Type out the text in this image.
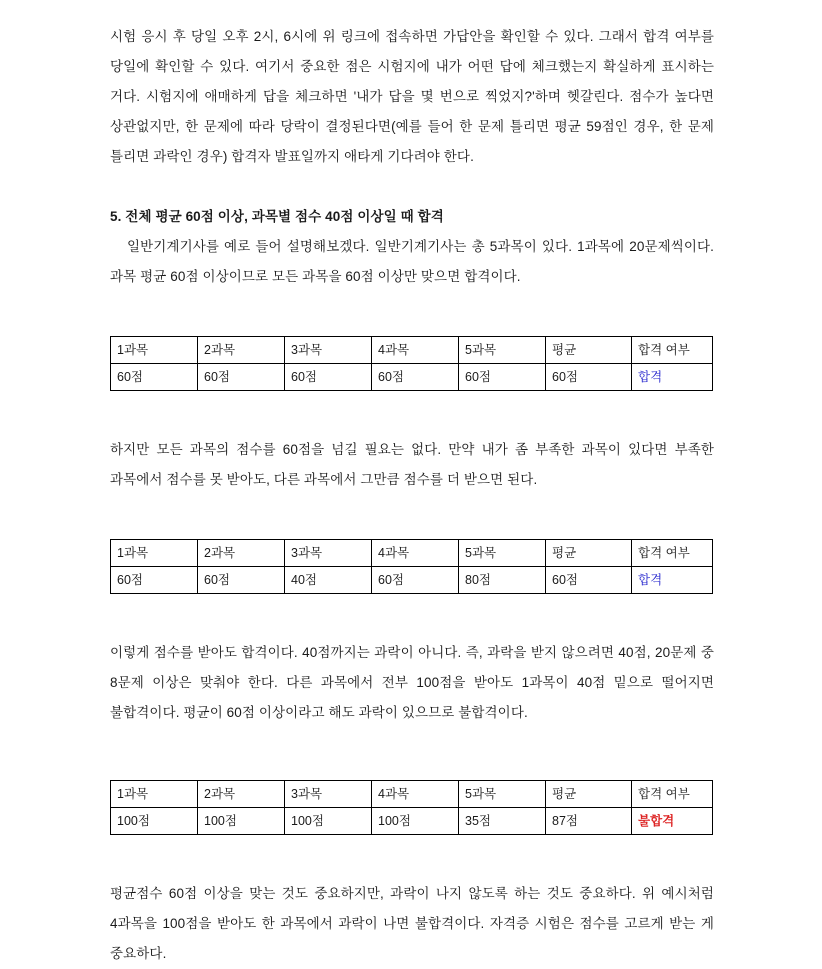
시험 응시 후 당일 오후 2시, 6시에 위 링크에 접속하면 가답안을 확인할 수 있다. 그래서 합격 여부를 당일에 확인할 수 있다. 여기서 중요한 점은 시험지에 내가 어떤 답에 체크했는지 확실하게 표시하는 거다. 시험지에 애매하게 답을 체크하면 '내가 답을 몇 번으로 찍었지?'하며 헷갈린다. 점수가 높다면 상관없지만, 한 문제에 따라 당락이 결정된다면(예를 들어 한 문제 틀리면 평균 59점인 경우, 한 문제 틀리면 과락인 경우) 합격자 발표일까지 애타게 기다려야 한다.

5. 전체 평균 60점 이상, 과목별 점수 40점 이상일 때 합격

일반기계기사를 예로 들어 설명해보겠다. 일반기계기사는 총 5과목이 있다. 1과목에 20문제씩이다. 과목 평균 60점 이상이므로 모든 과목을 60점 이상만 맞으면 합격이다.

1과목	2과목	3과목	4과목	5과목	평균	합격 여부
60점	60점	60점	60점	60점	60점	합격

하지만 모든 과목의 점수를 60점을 넘길 필요는 없다. 만약 내가 좀 부족한 과목이 있다면 부족한 과목에서 점수를 못 받아도, 다른 과목에서 그만큼 점수를 더 받으면 된다.

1과목	2과목	3과목	4과목	5과목	평균	합격 여부
60점	60점	40점	60점	80점	60점	합격

이렇게 점수를 받아도 합격이다. 40점까지는 과락이 아니다. 즉, 과락을 받지 않으려면 40점, 20문제 중 8문제 이상은 맞춰야 한다. 다른 과목에서 전부 100점을 받아도 1과목이 40점 밑으로 떨어지면 불합격이다. 평균이 60점 이상이라고 해도 과락이 있으므로 불합격이다.

1과목	2과목	3과목	4과목	5과목	평균	합격 여부
100점	100점	100점	100점	35점	87점	불합격

평균점수 60점 이상을 맞는 것도 중요하지만, 과락이 나지 않도록 하는 것도 중요하다. 위 예시처럼 4과목을 100점을 받아도 한 과목에서 과락이 나면 불합격이다. 자격증 시험은 점수를 고르게 받는 게 중요하다.
